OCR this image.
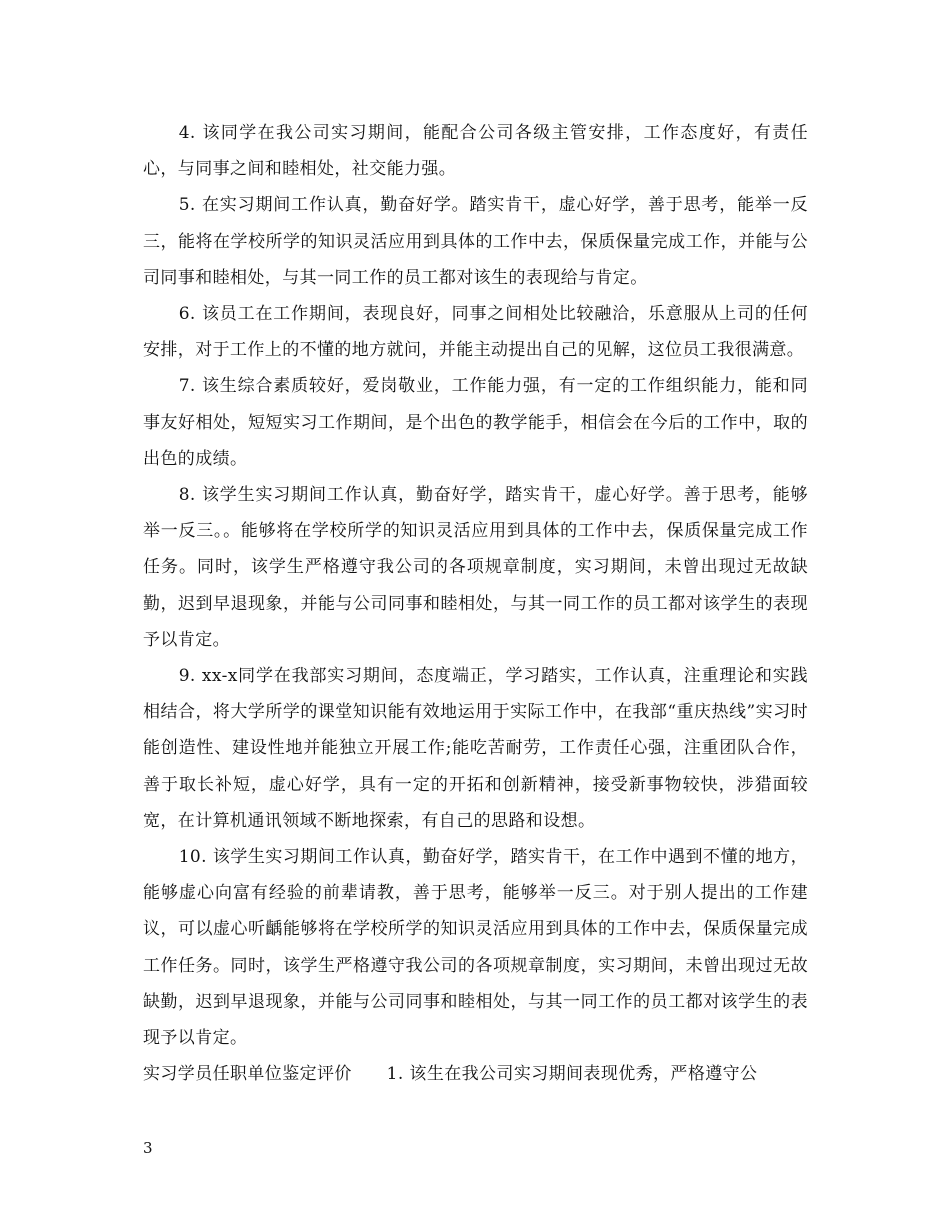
4. 该同学在我公司实习期间，能配合公司各级主管安排，工作态度好，有责任心，与同事之间和睦相处，社交能力强。

5. 在实习期间工作认真，勤奋好学。踏实肯干，虚心好学，善于思考，能举一反三，能将在学校所学的知识灵活应用到具体的工作中去，保质保量完成工作，并能与公司同事和睦相处，与其一同工作的员工都对该生的表现给与肯定。

6. 该员工在工作期间，表现良好，同事之间相处比较融洽，乐意服从上司的任何安排，对于工作上的不懂的地方就问，并能主动提出自己的见解，这位员工我很满意。

7. 该生综合素质较好，爱岗敬业，工作能力强，有一定的工作组织能力，能和同事友好相处，短短实习工作期间，是个出色的教学能手，相信会在今后的工作中，取的出色的成绩。

8. 该学生实习期间工作认真，勤奋好学，踏实肯干，虚心好学。善于思考，能够举一反三。。能够将在学校所学的知识灵活应用到具体的工作中去，保质保量完成工作任务。同时，该学生严格遵守我公司的各项规章制度，实习期间，未曾出现过无故缺勤，迟到早退现象，并能与公司同事和睦相处，与其一同工作的员工都对该学生的表现予以肯定。

9. xx-x同学在我部实习期间，态度端正，学习踏实，工作认真，注重理论和实践相结合，将大学所学的课堂知识能有效地运用于实际工作中，在我部“重庆热线”实习时能创造性、建设性地并能独立开展工作;能吃苦耐劳，工作责任心强，注重团队合作，善于取长补短，虚心好学，具有一定的开拓和创新精神，接受新事物较快，涉猎面较宽，在计算机通讯领域不断地探索，有自己的思路和设想。

10. 该学生实习期间工作认真，勤奋好学，踏实肯干，在工作中遇到不懂的地方，能够虚心向富有经验的前辈请教，善于思考，能够举一反三。对于别人提出的工作建议，可以虚心听齲能够将在学校所学的知识灵活应用到具体的工作中去，保质保量完成工作任务。同时，该学生严格遵守我公司的各项规章制度，实习期间，未曾出现过无故缺勤，迟到早退现象，并能与公司同事和睦相处，与其一同工作的员工都对该学生的表现予以肯定。

实习学员任职单位鉴定评价　　1. 该生在我公司实习期间表现优秀，严格遵守公

3
